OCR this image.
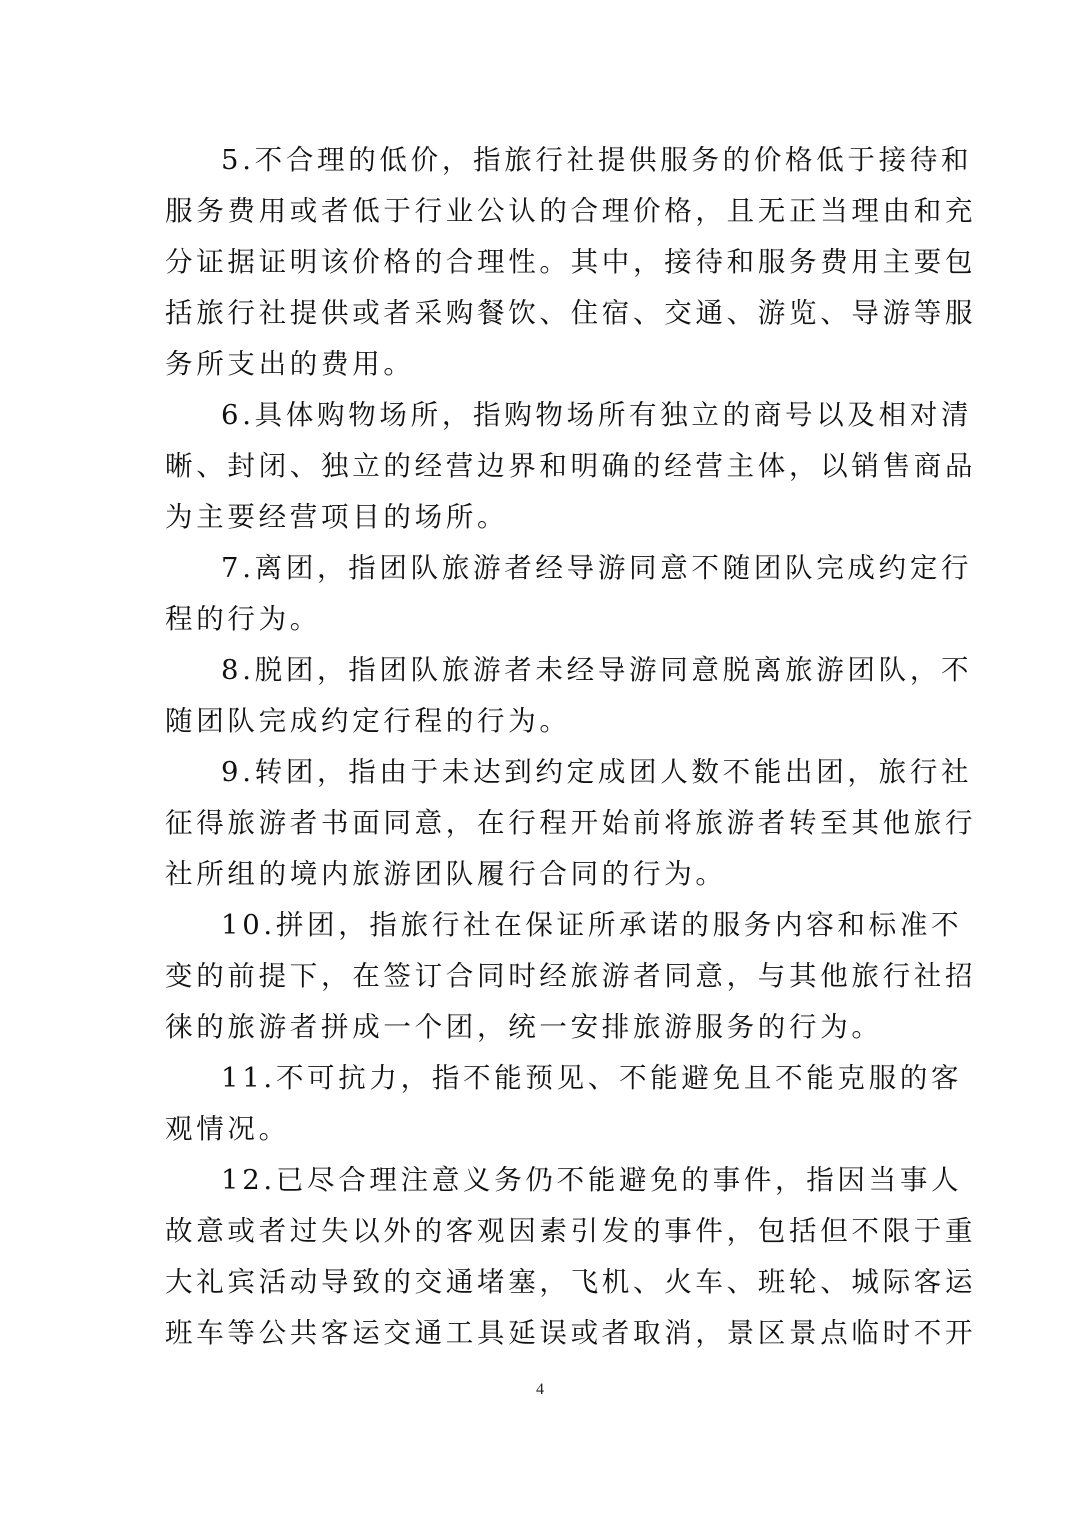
5.不合理的低价，指旅行社提供服务的价格低于接待和
服务费用或者低于行业公认的合理价格，且无正当理由和充
分证据证明该价格的合理性。其中，接待和服务费用主要包
括旅行社提供或者采购餐饮、住宿、交通、游览、导游等服
务所支出的费用。
6.具体购物场所，指购物场所有独立的商号以及相对清
晰、封闭、独立的经营边界和明确的经营主体，以销售商品
为主要经营项目的场所。
7.离团，指团队旅游者经导游同意不随团队完成约定行
程的行为。
8.脱团，指团队旅游者未经导游同意脱离旅游团队，不
随团队完成约定行程的行为。
9.转团，指由于未达到约定成团人数不能出团，旅行社
征得旅游者书面同意，在行程开始前将旅游者转至其他旅行
社所组的境内旅游团队履行合同的行为。
10.拼团，指旅行社在保证所承诺的服务内容和标准不
变的前提下，在签订合同时经旅游者同意，与其他旅行社招
徕的旅游者拼成一个团，统一安排旅游服务的行为。
11.不可抗力，指不能预见、不能避免且不能克服的客
观情况。
12.已尽合理注意义务仍不能避免的事件，指因当事人
故意或者过失以外的客观因素引发的事件，包括但不限于重
大礼宾活动导致的交通堵塞，飞机、火车、班轮、城际客运
班车等公共客运交通工具延误或者取消，景区景点临时不开
4
